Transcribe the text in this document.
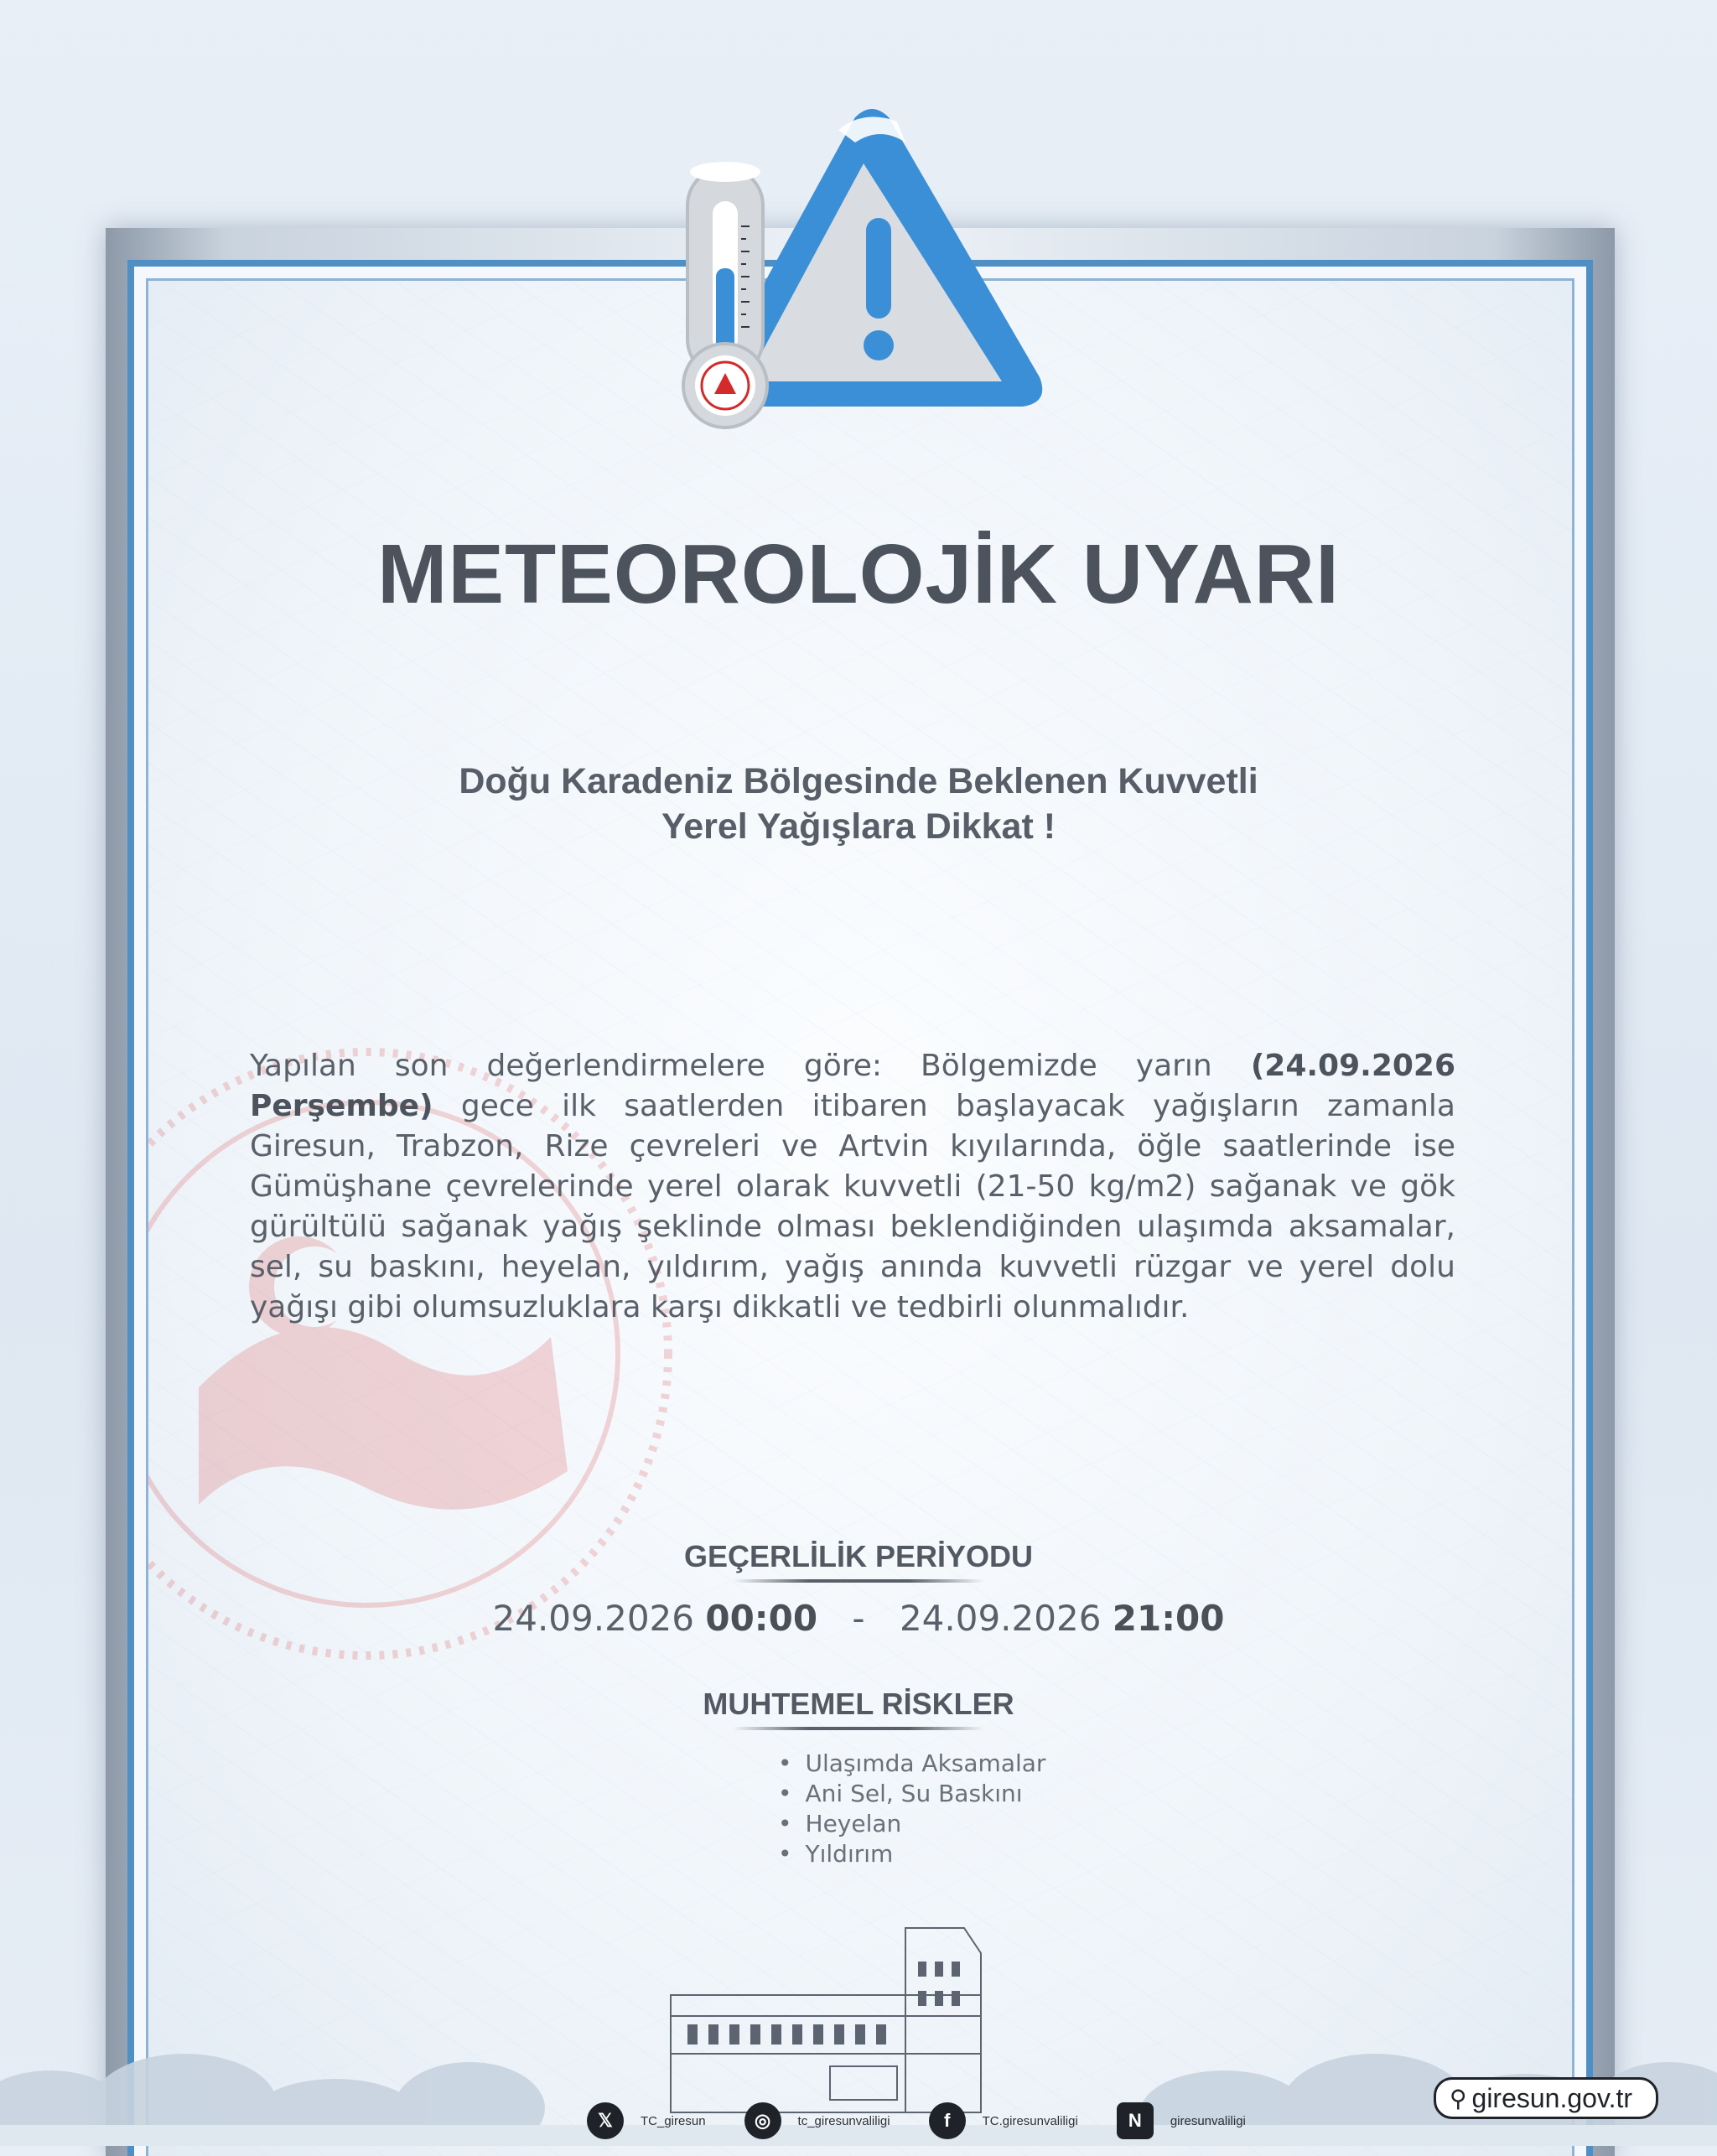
METEOROLOJİK UYARI
Doğu Karadeniz Bölgesinde Beklenen Kuvvetli
Yerel Yağışlara Dikkat !
Yapılan son değerlendirmelere göre: Bölgemizde yarın (24.09.2026 Perşembe) gece ilk saatlerden itibaren başlayacak yağışların zamanla Giresun, Trabzon, Rize çevreleri ve Artvin kıyılarında, öğle saatlerinde ise Gümüşhane çevrelerinde yerel olarak kuvvetli (21-50 kg/m2) sağanak ve gök gürültülü sağanak yağış şeklinde olması beklendiğinden ulaşımda aksamalar, sel, su baskını, heyelan, yıldırım, yağış anında kuvvetli rüzgar ve yerel dolu yağışı gibi olumsuzluklara karşı dikkatli ve tedbirli olunmalıdır.
GEÇERLİLİK PERİYODU
24.09.2026 00:00 - 24.09.2026 21:00
MUHTEMEL RİSKLER
• Ulaşımda Aksamalar
• Ani Sel, Su Baskını
• Heyelan
• Yıldırım
𝕏	TC_giresun	◎	tc_giresunvaliligi	f	TC.giresunvaliligi	N	giresunvaliligi
⚲ giresun.gov.tr
